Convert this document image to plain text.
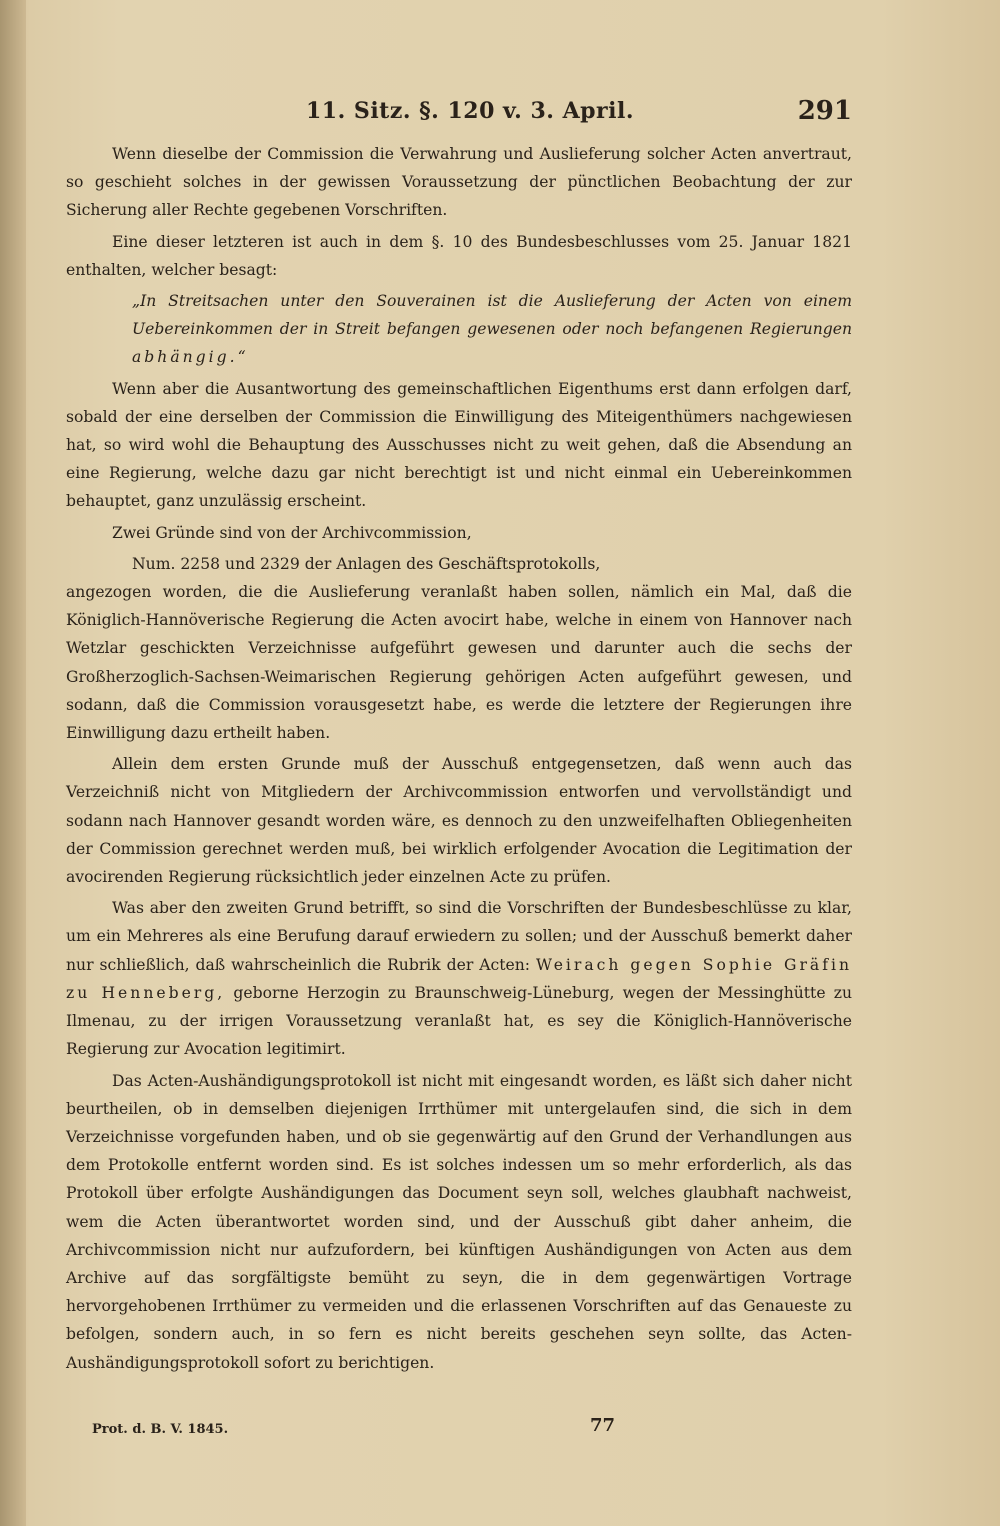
11. Sitz. §. 120 v. 3. April.	291

Wenn dieselbe der Commission die Verwahrung und Auslieferung solcher Acten anvertraut, so geschieht solches in der gewissen Voraussetzung der pünctlichen Beobachtung der zur Sicherung aller Rechte gegebenen Vorschriften.

Eine dieser letzteren ist auch in dem §. 10 des Bundesbeschlusses vom 25. Januar 1821 enthalten, welcher besagt:

„In Streitsachen unter den Souverainen ist die Auslieferung der Acten von einem Uebereinkommen der in Streit befangen gewesenen oder noch befangenen Regierungen abhängig.“

Wenn aber die Ausantwortung des gemeinschaftlichen Eigenthums erst dann erfolgen darf, sobald der eine derselben der Commission die Einwilligung des Miteigenthümers nachgewiesen hat, so wird wohl die Behauptung des Ausschusses nicht zu weit gehen, daß die Absendung an eine Regierung, welche dazu gar nicht berechtigt ist und nicht einmal ein Uebereinkommen behauptet, ganz unzulässig erscheint.

Zwei Gründe sind von der Archivcommission,

Num. 2258 und 2329 der Anlagen des Geschäftsprotokolls,

angezogen worden, die die Auslieferung veranlaßt haben sollen, nämlich ein Mal, daß die Königlich-Hannöverische Regierung die Acten avocirt habe, welche in einem von Hannover nach Wetzlar geschickten Verzeichnisse aufgeführt gewesen und darunter auch die sechs der Großherzoglich-Sachsen-Weimarischen Regierung gehörigen Acten aufgeführt gewesen, und sodann, daß die Commission vorausgesetzt habe, es werde die letztere der Regierungen ihre Einwilligung dazu ertheilt haben.

Allein dem ersten Grunde muß der Ausschuß entgegensetzen, daß wenn auch das Verzeichniß nicht von Mitgliedern der Archivcommission entworfen und vervollständigt und sodann nach Hannover gesandt worden wäre, es dennoch zu den unzweifelhaften Obliegenheiten der Commission gerechnet werden muß, bei wirklich erfolgender Avocation die Legitimation der avocirenden Regierung rücksichtlich jeder einzelnen Acte zu prüfen.

Was aber den zweiten Grund betrifft, so sind die Vorschriften der Bundesbeschlüsse zu klar, um ein Mehreres als eine Berufung darauf erwiedern zu sollen; und der Ausschuß bemerkt daher nur schließlich, daß wahrscheinlich die Rubrik der Acten: Weirach gegen Sophie Gräfin zu Henneberg, geborne Herzogin zu Braunschweig-Lüneburg, wegen der Messinghütte zu Ilmenau, zu der irrigen Voraussetzung veranlaßt hat, es sey die Königlich-Hannöverische Regierung zur Avocation legitimirt.

Das Acten-Aushändigungsprotokoll ist nicht mit eingesandt worden, es läßt sich daher nicht beurtheilen, ob in demselben diejenigen Irrthümer mit untergelaufen sind, die sich in dem Verzeichnisse vorgefunden haben, und ob sie gegenwärtig auf den Grund der Verhandlungen aus dem Protokolle entfernt worden sind. Es ist solches indessen um so mehr erforderlich, als das Protokoll über erfolgte Aushändigungen das Document seyn soll, welches glaubhaft nachweist, wem die Acten überantwortet worden sind, und der Ausschuß gibt daher anheim, die Archivcommission nicht nur aufzufordern, bei künftigen Aushändigungen von Acten aus dem Archive auf das sorgfältigste bemüht zu seyn, die in dem gegenwärtigen Vortrage hervorgehobenen Irrthümer zu vermeiden und die erlassenen Vorschriften auf das Genaueste zu befolgen, sondern auch, in so fern es nicht bereits geschehen seyn sollte, das Acten-Aushändigungsprotokoll sofort zu berichtigen.

Prot. d. B. V. 1845.	77
